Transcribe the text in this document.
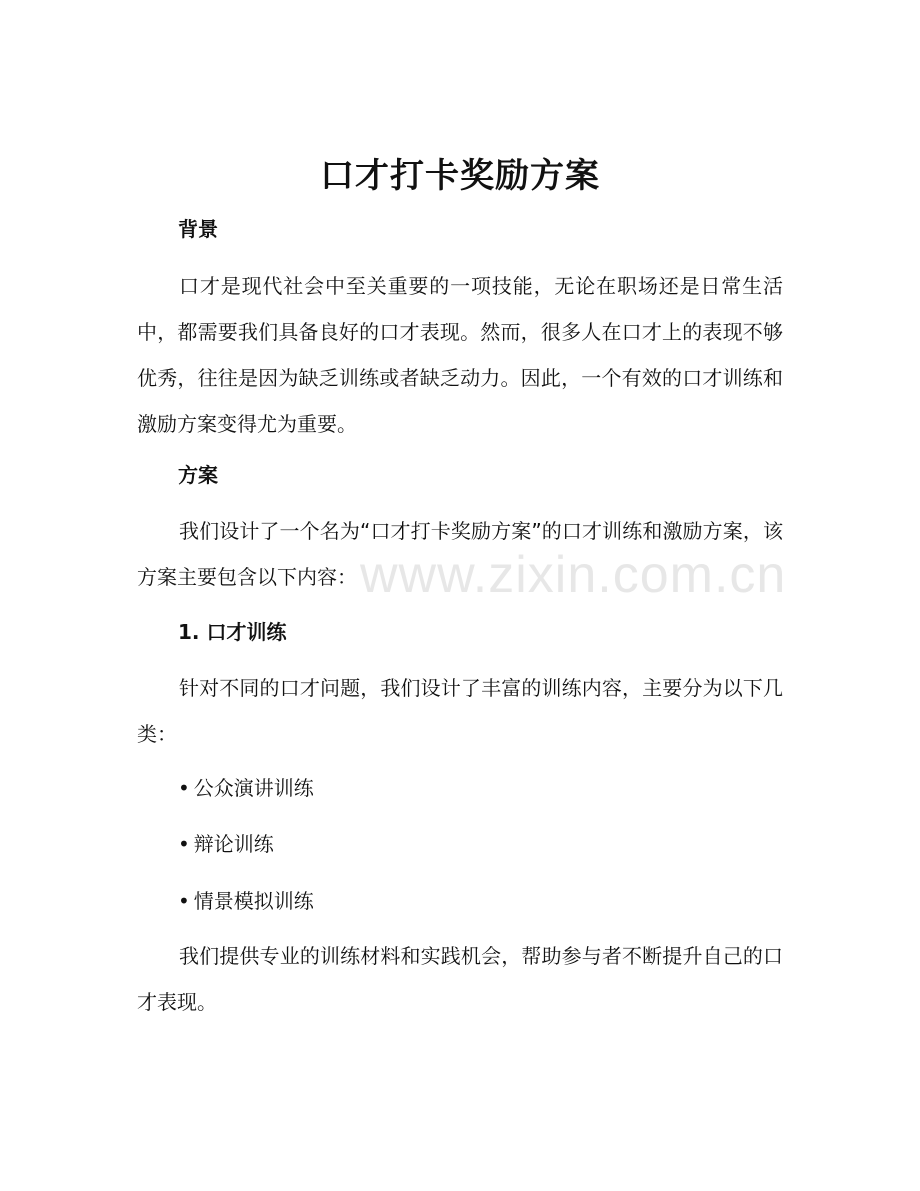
www.zixin.com.cn
口才打卡奖励方案
背景
口才是现代社会中至关重要的一项技能，无论在职场还是日常生活中，都需要我们具备良好的口才表现。然而，很多人在口才上的表现不够优秀，往往是因为缺乏训练或者缺乏动力。因此，一个有效的口才训练和激励方案变得尤为重要。
方案
我们设计了一个名为“口才打卡奖励方案”的口才训练和激励方案，该方案主要包含以下内容：
1. 口才训练
针对不同的口才问题，我们设计了丰富的训练内容，主要分为以下几类：
• 公众演讲训练
• 辩论训练
• 情景模拟训练
我们提供专业的训练材料和实践机会，帮助参与者不断提升自己的口才表现。
